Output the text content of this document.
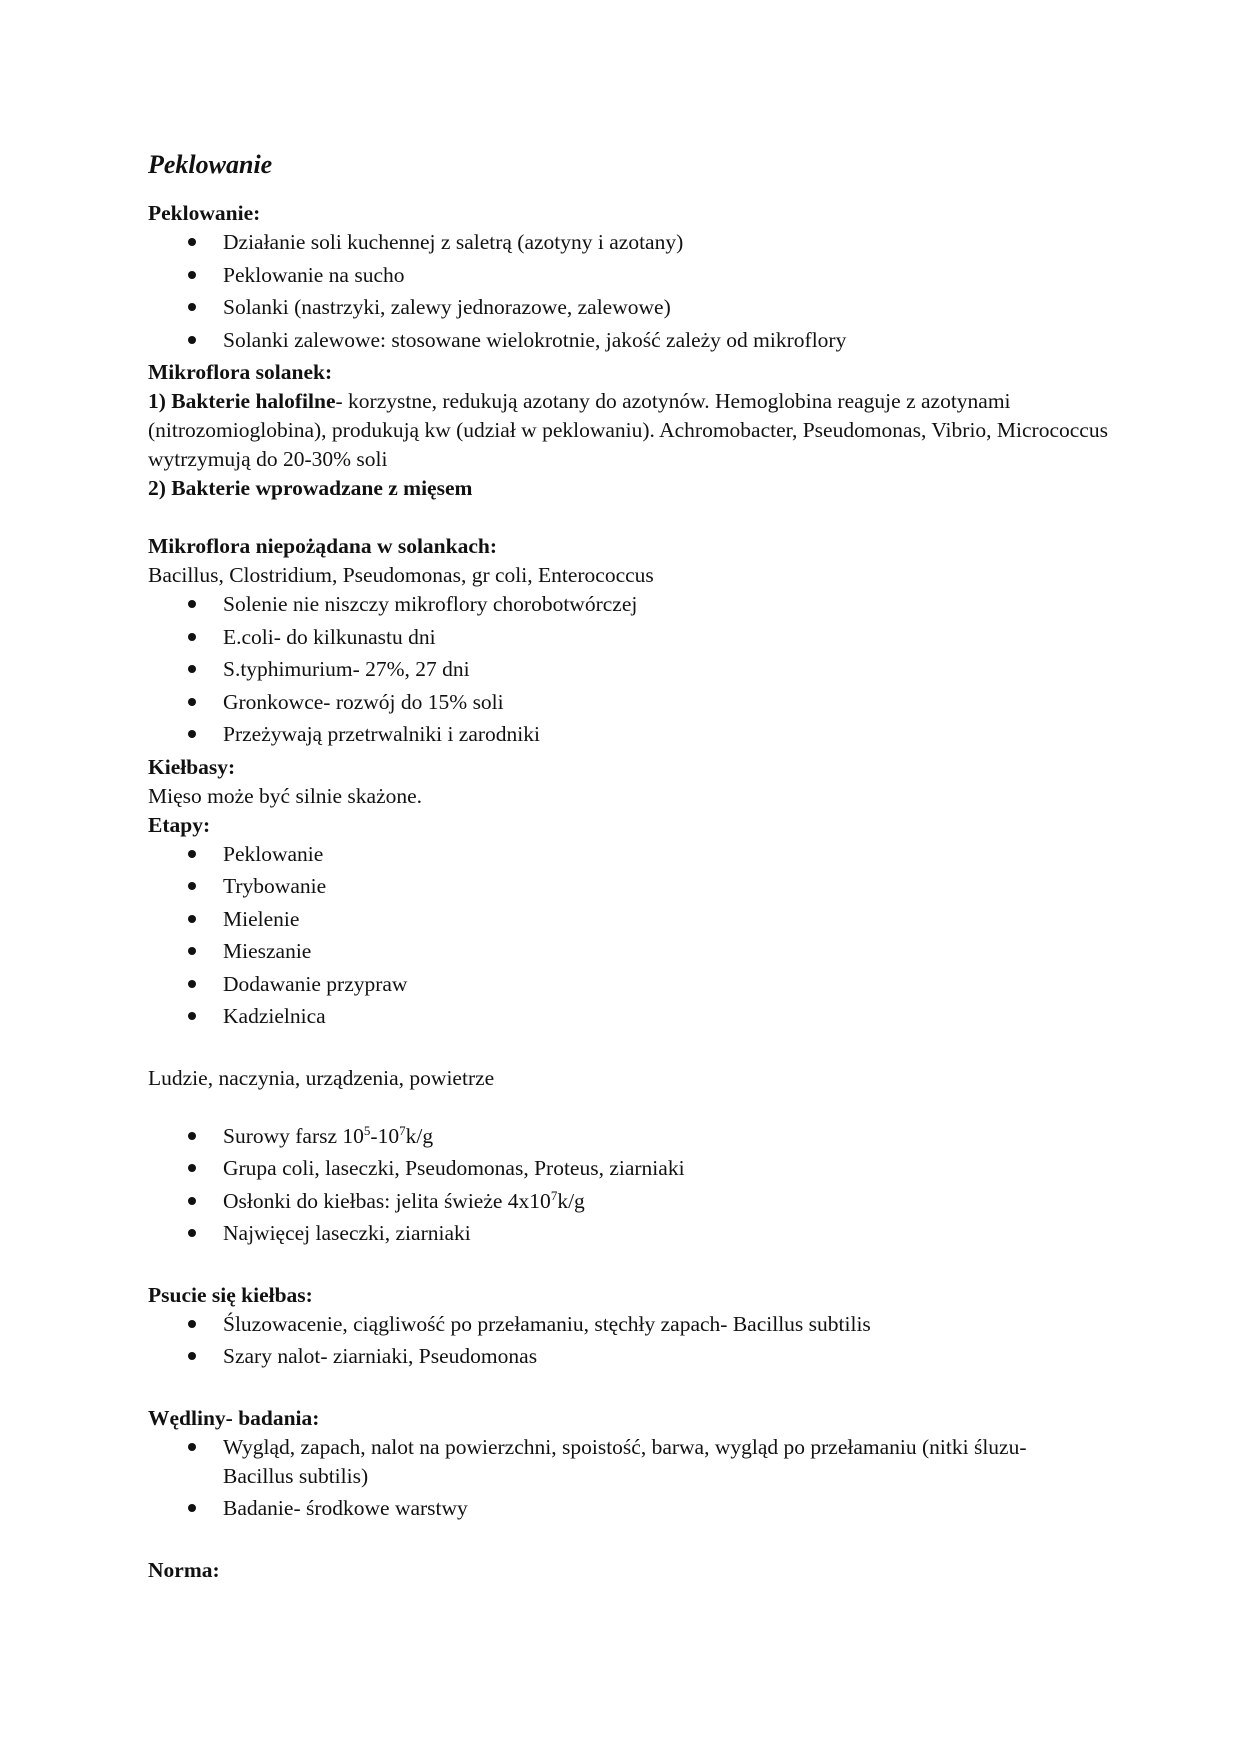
Peklowanie
Peklowanie:
Działanie soli kuchennej z saletrą (azotyny i azotany)
Peklowanie na sucho
Solanki (nastrzyki, zalewy jednorazowe, zalewowe)
Solanki zalewowe: stosowane wielokrotnie, jakość zależy od mikroflory
Mikroflora solanek:

1) Bakterie halofilne- korzystne, redukują azotany do azotynów. Hemoglobina reaguje z azotynami (nitrozomioglobina), produkują kw (udział w peklowaniu). Achromobacter, Pseudomonas, Vibrio, Micrococcus wytrzymują do 20-30% soli

2) Bakterie wprowadzane z mięsem
Mikroflora niepożądana w solankach:

Bacillus, Clostridium, Pseudomonas, gr coli, Enterococcus

Solenie nie niszczy mikroflory chorobotwórczej
E.coli- do kilkunastu dni
S.typhimurium- 27%, 27 dni
Gronkowce- rozwój do 15% soli
Przeżywają przetrwalniki i zarodniki
Kiełbasy:

Mięso może być silnie skażone.

Etapy:
Peklowanie
Trybowanie
Mielenie
Mieszanie
Dodawanie przypraw
Kadzielnica

Ludzie, naczynia, urządzenia, powietrze

Surowy farsz $10^5-10^7k/g$
Grupa coli, laseczki, Pseudomonas, Proteus, ziarniaki
Osłonki do kiełbas: jelita świeże $4x10^7k/g$
Najwięcej laseczki, ziarniaki
Psucie się kiełbas:
Śluzowacenie, ciągliwość po przełamaniu, stęchły zapach- Bacillus subtilis
Szary nalot- ziarniaki, Pseudomonas
Wędliny- badania:
Wygląd, zapach, nalot na powierzchni, spoistość, barwa, wygląd po przełamaniu (nitki śluzu- Bacillus subtilis)
Badanie- środkowe warstwy
Norma:
